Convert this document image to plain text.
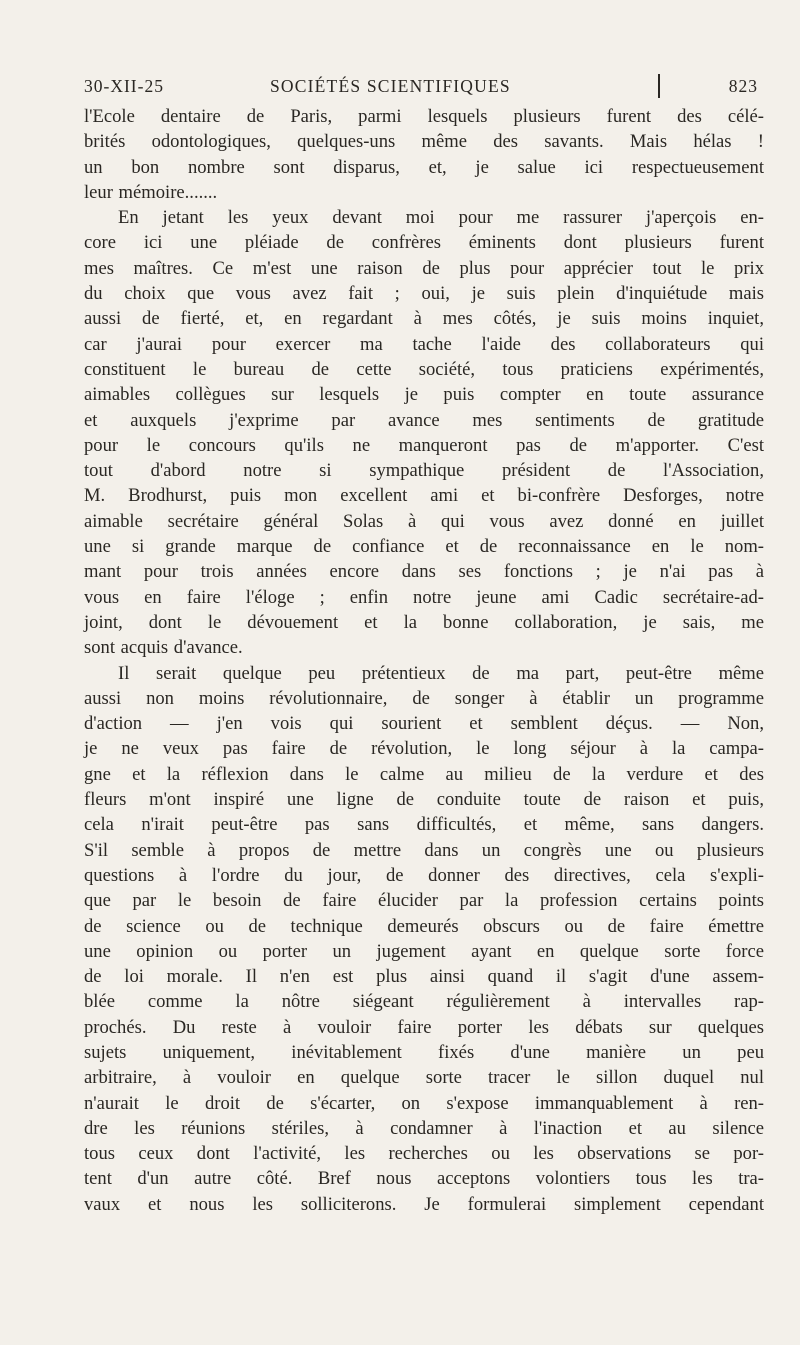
30-XII-25	SOCIÉTÉS SCIENTIFIQUES	823
l'Ecole dentaire de Paris, parmi lesquels plusieurs furent des célé-
brités odontologiques, quelques-uns même des savants. Mais hélas !
un bon nombre sont disparus, et, je salue ici respectueusement
leur mémoire.......
En jetant les yeux devant moi pour me rassurer j'aperçois en-
core ici une pléiade de confrères éminents dont plusieurs furent
mes maîtres. Ce m'est une raison de plus pour apprécier tout le prix
du choix que vous avez fait ; oui, je suis plein d'inquiétude mais
aussi de fierté, et, en regardant à mes côtés, je suis moins inquiet,
car j'aurai pour exercer ma tache l'aide des collaborateurs qui
constituent le bureau de cette société, tous praticiens expérimentés,
aimables collègues sur lesquels je puis compter en toute assurance
et auxquels j'exprime par avance mes sentiments de gratitude
pour le concours qu'ils ne manqueront pas de m'apporter. C'est
tout d'abord notre si sympathique président de l'Association,
M. Brodhurst, puis mon excellent ami et bi-confrère Desforges, notre
aimable secrétaire général Solas à qui vous avez donné en juillet
une si grande marque de confiance et de reconnaissance en le nom-
mant pour trois années encore dans ses fonctions ; je n'ai pas à
vous en faire l'éloge ; enfin notre jeune ami Cadic secrétaire-ad-
joint, dont le dévouement et la bonne collaboration, je sais, me
sont acquis d'avance.
Il serait quelque peu prétentieux de ma part, peut-être même
aussi non moins révolutionnaire, de songer à établir un programme
d'action — j'en vois qui sourient et semblent déçus. — Non,
je ne veux pas faire de révolution, le long séjour à la campa-
gne et la réflexion dans le calme au milieu de la verdure et des
fleurs m'ont inspiré une ligne de conduite toute de raison et puis,
cela n'irait peut-être pas sans difficultés, et même, sans dangers.
S'il semble à propos de mettre dans un congrès une ou plusieurs
questions à l'ordre du jour, de donner des directives, cela s'expli-
que par le besoin de faire élucider par la profession certains points
de science ou de technique demeurés obscurs ou de faire émettre
une opinion ou porter un jugement ayant en quelque sorte force
de loi morale. Il n'en est plus ainsi quand il s'agit d'une assem-
blée comme la nôtre siégeant régulièrement à intervalles rap-
prochés. Du reste à vouloir faire porter les débats sur quelques
sujets uniquement, inévitablement fixés d'une manière un peu
arbitraire, à vouloir en quelque sorte tracer le sillon duquel nul
n'aurait le droit de s'écarter, on s'expose immanquablement à ren-
dre les réunions stériles, à condamner à l'inaction et au silence
tous ceux dont l'activité, les recherches ou les observations se por-
tent d'un autre côté. Bref nous acceptons volontiers tous les tra-
vaux et nous les solliciterons. Je formulerai simplement cependant
